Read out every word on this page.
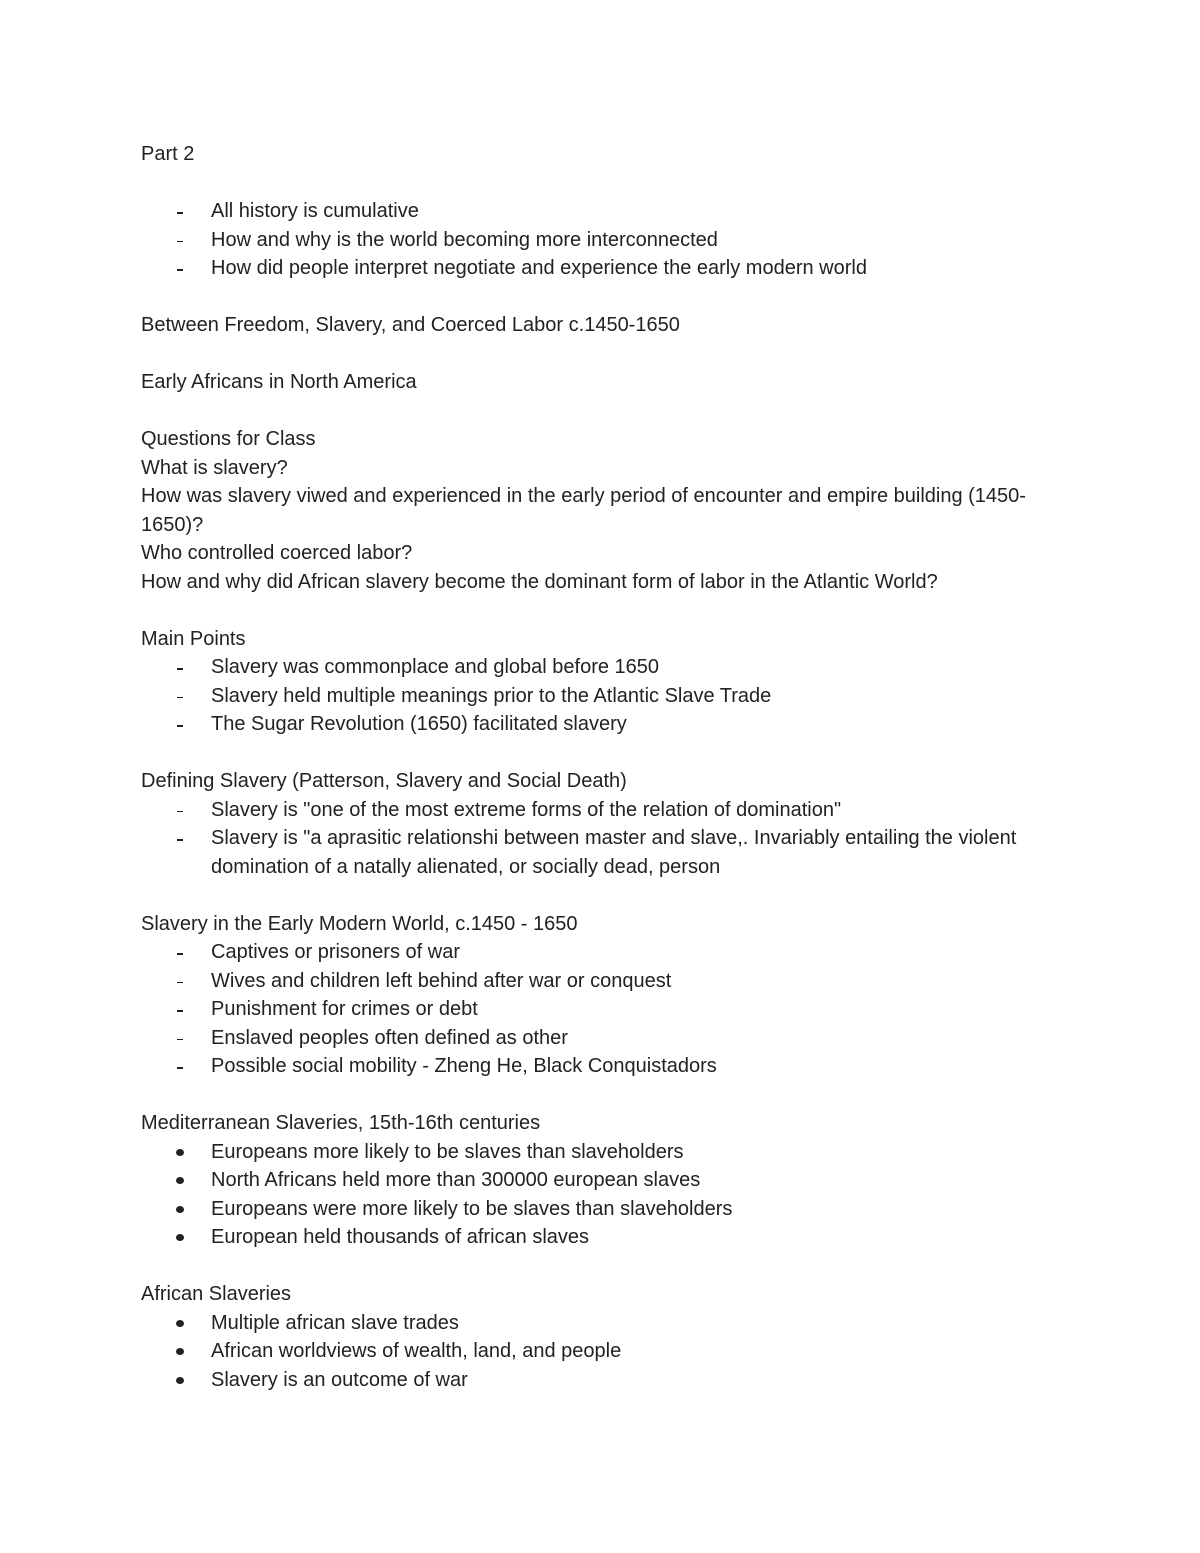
Part 2

All history is cumulative
How and why is the world becoming more interconnected
How did people interpret negotiate and experience the early modern world

Between Freedom, Slavery, and Coerced Labor c.1450-1650

Early Africans in North America

Questions for Class

What is slavery?

How was slavery viwed and experienced in the early period of encounter and empire building (1450-1650)?

Who controlled coerced labor?

How and why did African slavery become the dominant form of labor in the Atlantic World?

Main Points

Slavery was commonplace and global before 1650
Slavery held multiple meanings prior to the Atlantic Slave Trade
The Sugar Revolution (1650) facilitated slavery

Defining Slavery (Patterson, Slavery and Social Death)

Slavery is "one of the most extreme forms of the relation of domination"
Slavery is "a aprasitic relationshi between master and slave,. Invariably entailing the violent domination of a natally alienated, or socially dead, person

Slavery in the Early Modern World, c.1450 - 1650

Captives or prisoners of war
Wives and children left behind after war or conquest
Punishment for crimes or debt
Enslaved peoples often defined as other
Possible social mobility - Zheng He, Black Conquistadors

Mediterranean Slaveries, 15th-16th centuries

Europeans more likely to be slaves than slaveholders
North Africans held more than 300000 european slaves
Europeans were more likely to be slaves than slaveholders
European held thousands of african slaves

African Slaveries

Multiple african slave trades
African worldviews of wealth, land, and people
Slavery is an outcome of war
